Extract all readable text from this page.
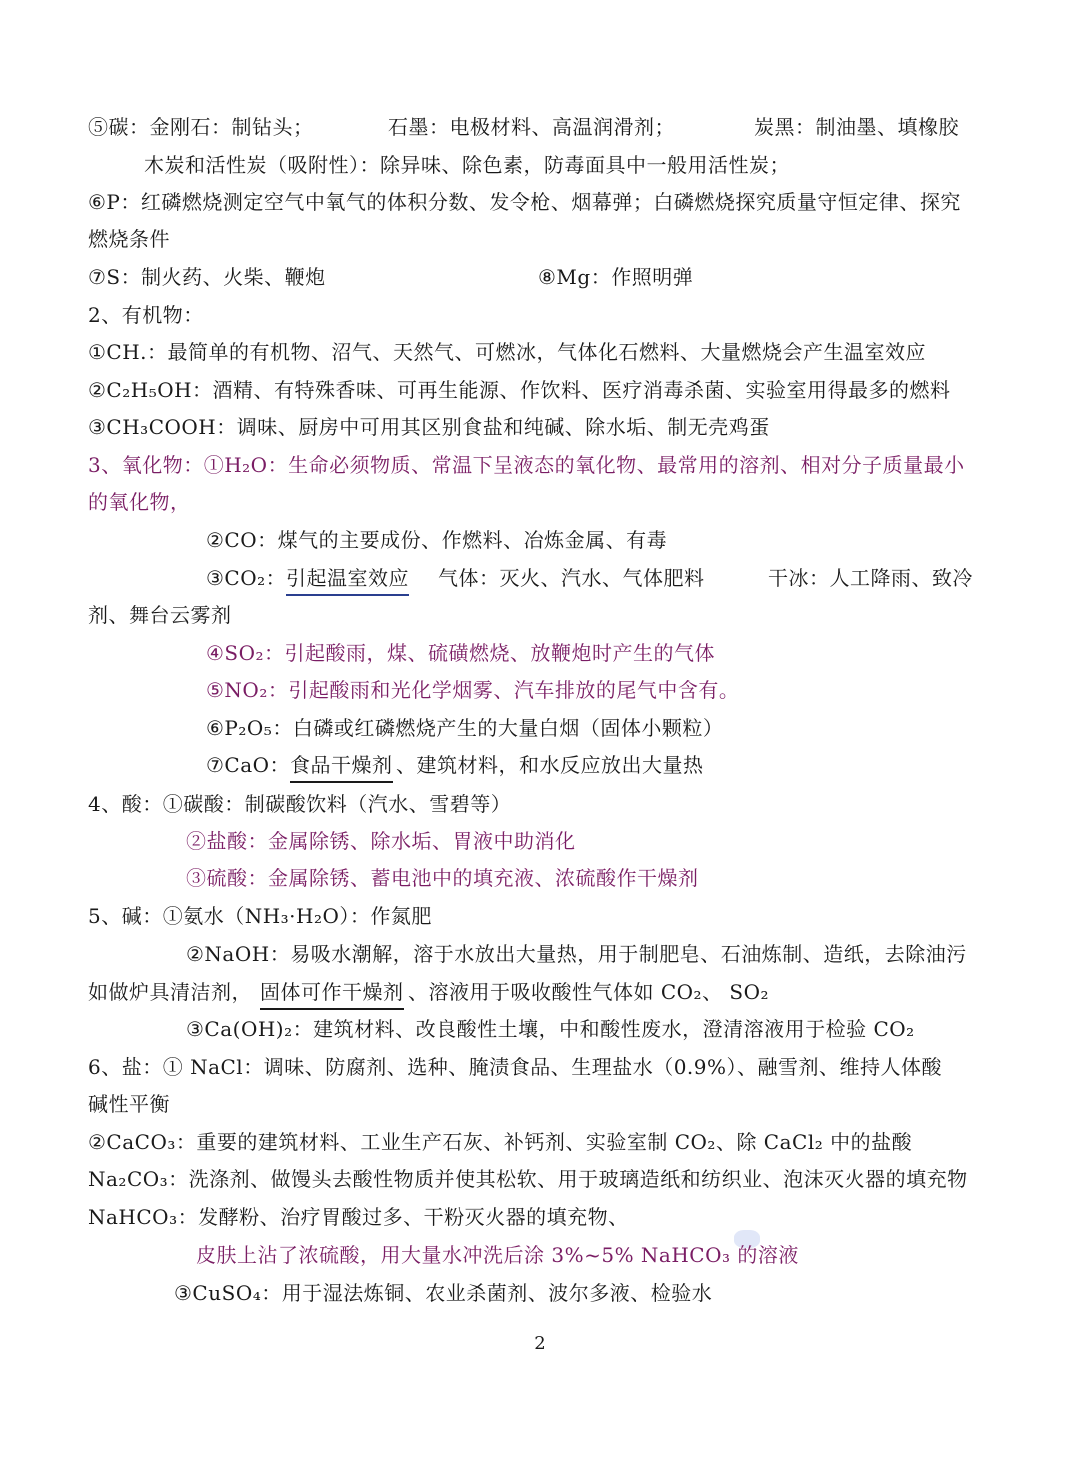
⑤碳：金刚石：制钻头；	石墨：电极材料、高温润滑剂；	炭黑：制油墨、填橡胶
木炭和活性炭（吸附性）：除异味、除色素，防毒面具中一般用活性炭；
⑥P：红磷燃烧测定空气中氧气的体积分数、发令枪、烟幕弹；白磷燃烧探究质量守恒定律、探究
燃烧条件
⑦S：制火药、火柴、鞭炮	⑧Mg：作照明弹
2、有机物：
①CH.：最简单的有机物、沼气、天然气、可燃冰，气体化石燃料、大量燃烧会产生温室效应
②C₂H₅OH：酒精、有特殊香味、可再生能源、作饮料、医疗消毒杀菌、实验室用得最多的燃料
③CH₃COOH：调味、厨房中可用其区别食盐和纯碱、除水垢、制无壳鸡蛋
3、氧化物：①H₂O：生命必须物质、常温下呈液态的氧化物、最常用的溶剂、相对分子质量最小
的氧化物，
②CO：煤气的主要成份、作燃料、冶炼金属、有毒
③CO₂： 引起温室效应 气体：灭火、汽水、气体肥料	干冰：人工降雨、致冷
剂、舞台云雾剂
④SO₂：引起酸雨，煤、硫磺燃烧、放鞭炮时产生的气体
⑤NO₂：引起酸雨和光化学烟雾、汽车排放的尾气中含有。
⑥P₂O₅：白磷或红磷燃烧产生的大量白烟（固体小颗粒）
⑦CaO： 食品干燥剂 、建筑材料，和水反应放出大量热
4、酸：①碳酸：制碳酸饮料（汽水、雪碧等）
②盐酸：金属除锈、除水垢、胃液中助消化
③硫酸：金属除锈、蓄电池中的填充液、浓硫酸作干燥剂
5、碱：①氨水（NH₃·H₂O）：作氮肥
②NaOH：易吸水潮解，溶于水放出大量热，用于制肥皂、石油炼制、造纸，去除油污
如做炉具清洁剂， 固体可作干燥剂 、溶液用于吸收酸性气体如 CO₂、 SO₂
③Ca(OH)₂：建筑材料、改良酸性土壤，中和酸性废水，澄清溶液用于检验 CO₂
6、盐：① NaCl：调味、防腐剂、选种、腌渍食品、生理盐水（0.9%）、融雪剂、维持人体酸
碱性平衡
②CaCO₃：重要的建筑材料、工业生产石灰、补钙剂、实验室制 CO₂、除 CaCl₂ 中的盐酸
Na₂CO₃：洗涤剂、做馒头去酸性物质并使其松软、用于玻璃造纸和纺织业、泡沫灭火器的填充物
NaHCO₃：发酵粉、治疗胃酸过多、干粉灭火器的填充物、
皮肤上沾了浓硫酸，用大量水冲洗后涂 3%~5% NaHCO₃ 的溶液
③CuSO₄：用于湿法炼铜、农业杀菌剂、波尔多液、检验水
2
